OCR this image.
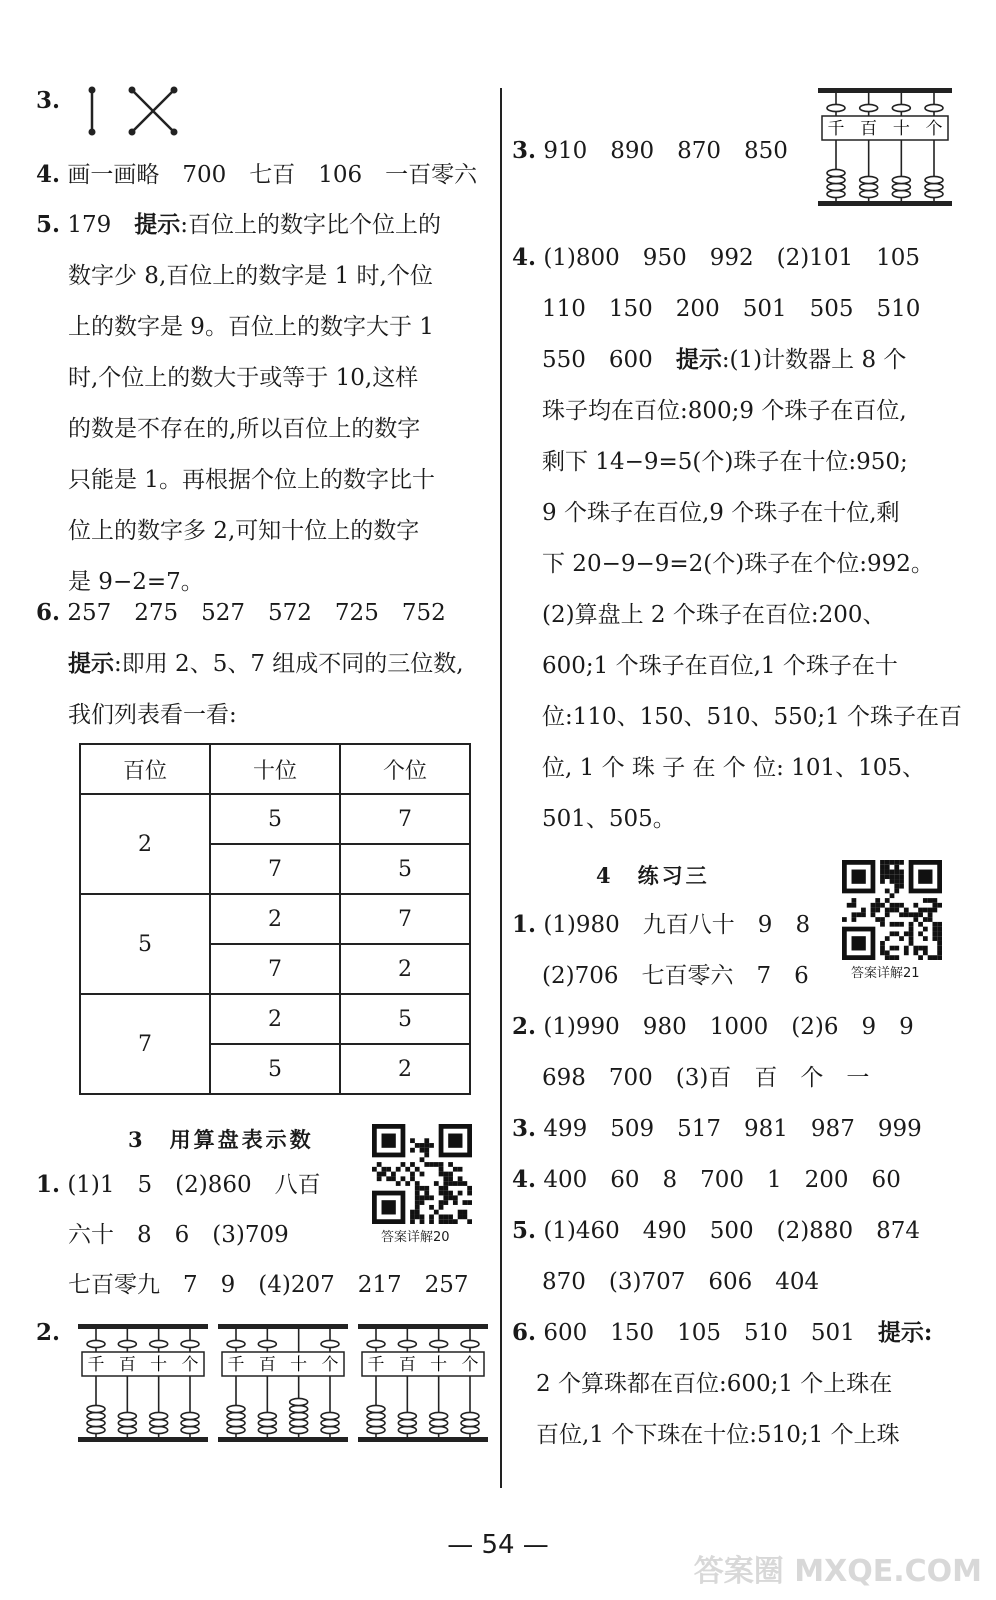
3.
4. 画一画略　700　七百　106　一百零六
5. 179　提示:百位上的数字比个位上的
数字少 8,百位上的数字是 1 时,个位
上的数字是 9。百位上的数字大于 1
时,个位上的数大于或等于 10,这样
的数是不存在的,所以百位上的数字
只能是 1。再根据个位上的数字比十
位上的数字多 2,可知十位上的数字
是 9−2=7。
6. 257　275　527　572　725　752
提示:即用 2、5、7 组成不同的三位数,
我们列表看一看:
百位	十位	个位
2	5	7
	7	5
5	2	7
	7	2
7	2	5
	5	2
3　用算盘表示数
答案详解20
1. (1)1　5　(2)860　八百
六十　8　6　(3)709
七百零九　7　9　(4)207　217　257
2.
千 百 十 个 千 百 十 个 千 百 十 个
千 百 十 个
3. 910　890　870　850
4. (1)800　950　992　(2)101　105
110　150　200　501　505　510
550　600　提示:(1)计数器上 8 个
珠子均在百位:800;9 个珠子在百位,
剩下 14−9=5(个)珠子在十位:950;
9 个珠子在百位,9 个珠子在十位,剩
下 20−9−9=2(个)珠子在个位:992。
(2)算盘上 2 个珠子在百位:200、
600;1 个珠子在百位,1 个珠子在十
位:110、150、510、550;1 个珠子在百
位, 1 个 珠 子 在 个 位: 101、105、
501、505。
4　练习三
答案详解21
1. (1)980　九百八十　9　8
(2)706　七百零六　7　6
2. (1)990　980　1000　(2)6　9　9
698　700　(3)百　百　个　一
3. 499　509　517　981　987　999
4. 400　60　8　700　1　200　60
5. (1)460　490　500　(2)880　874
870　(3)707　606　404
6. 600　150　105　510　501　提示:
2 个算珠都在百位:600;1 个上珠在
百位,1 个下珠在十位:510;1 个上珠
— 54 —
答案圈 MXQE.COM
